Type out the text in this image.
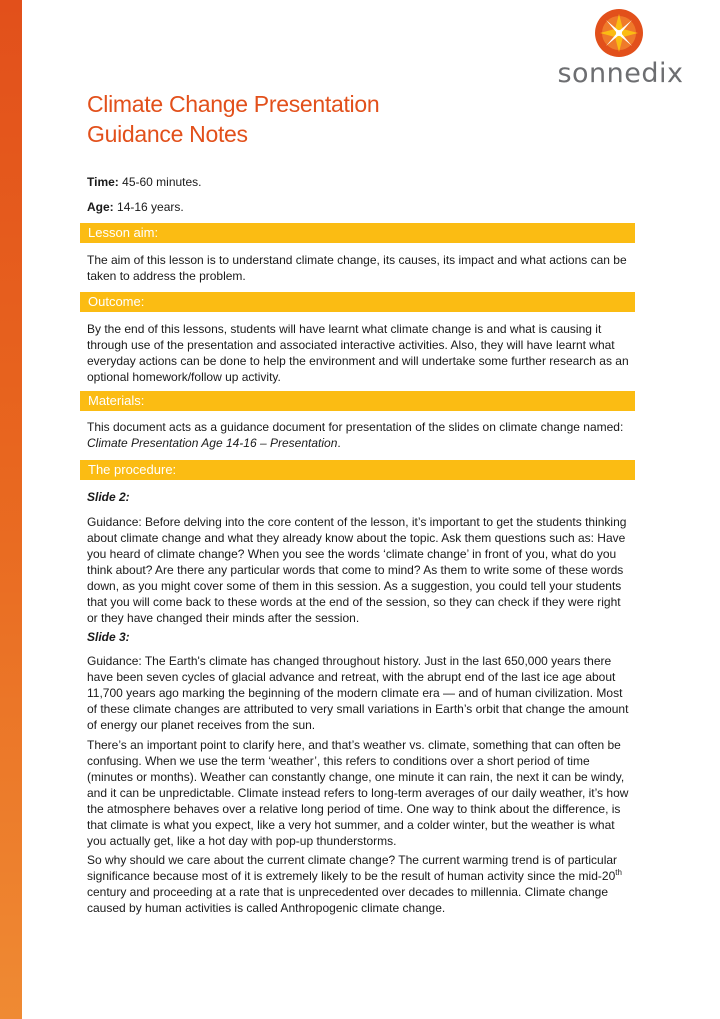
sonnedix
Climate Change Presentation
Guidance Notes
Time: 45-60 minutes.
Age: 14-16 years.
Lesson aim:

The aim of this lesson is to understand climate change, its causes, its impact and what actions can be taken to address the problem.

Outcome:

By the end of this lessons, students will have learnt what climate change is and what is causing it through use of the presentation and associated interactive activities. Also, they will have learnt what everyday actions can be done to help the environment and will undertake some further research as an optional homework/follow up activity.

Materials:

This document acts as a guidance document for presentation of the slides on climate change named:
Climate Presentation Age 14-16 – Presentation.

The procedure:

Slide 2:

Guidance: Before delving into the core content of the lesson, it’s important to get the students thinking about climate change and what they already know about the topic. Ask them questions such as: Have you heard of climate change? When you see the words ‘climate change’ in front of you, what do you think about? Are there any particular words that come to mind? As them to write some of these words down, as you might cover some of them in this session. As a suggestion, you could tell your students that you will come back to these words at the end of the session, so they can check if they were right or they have changed their minds after the session.

Slide 3:

Guidance: The Earth's climate has changed throughout history. Just in the last 650,000 years there have been seven cycles of glacial advance and retreat, with the abrupt end of the last ice age about 11,700 years ago marking the beginning of the modern climate era — and of human civilization. Most of these climate changes are attributed to very small variations in Earth’s orbit that change the amount of energy our planet receives from the sun.

There’s an important point to clarify here, and that’s weather vs. climate, something that can often be confusing. When we use the term ‘weather’, this refers to conditions over a short period of time (minutes or months). Weather can constantly change, one minute it can rain, the next it can be windy, and it can be unpredictable. Climate instead refers to long-term averages of our daily weather, it’s how the atmosphere behaves over a relative long period of time. One way to think about the difference, is that climate is what you expect, like a very hot summer, and a colder winter, but the weather is what you actually get, like a hot day with pop-up thunderstorms.

So why should we care about the current climate change? The current warming trend is of particular significance because most of it is extremely likely to be the result of human activity since the mid-20th century and proceeding at a rate that is unprecedented over decades to millennia. Climate change caused by human activities is called Anthropogenic climate change.
